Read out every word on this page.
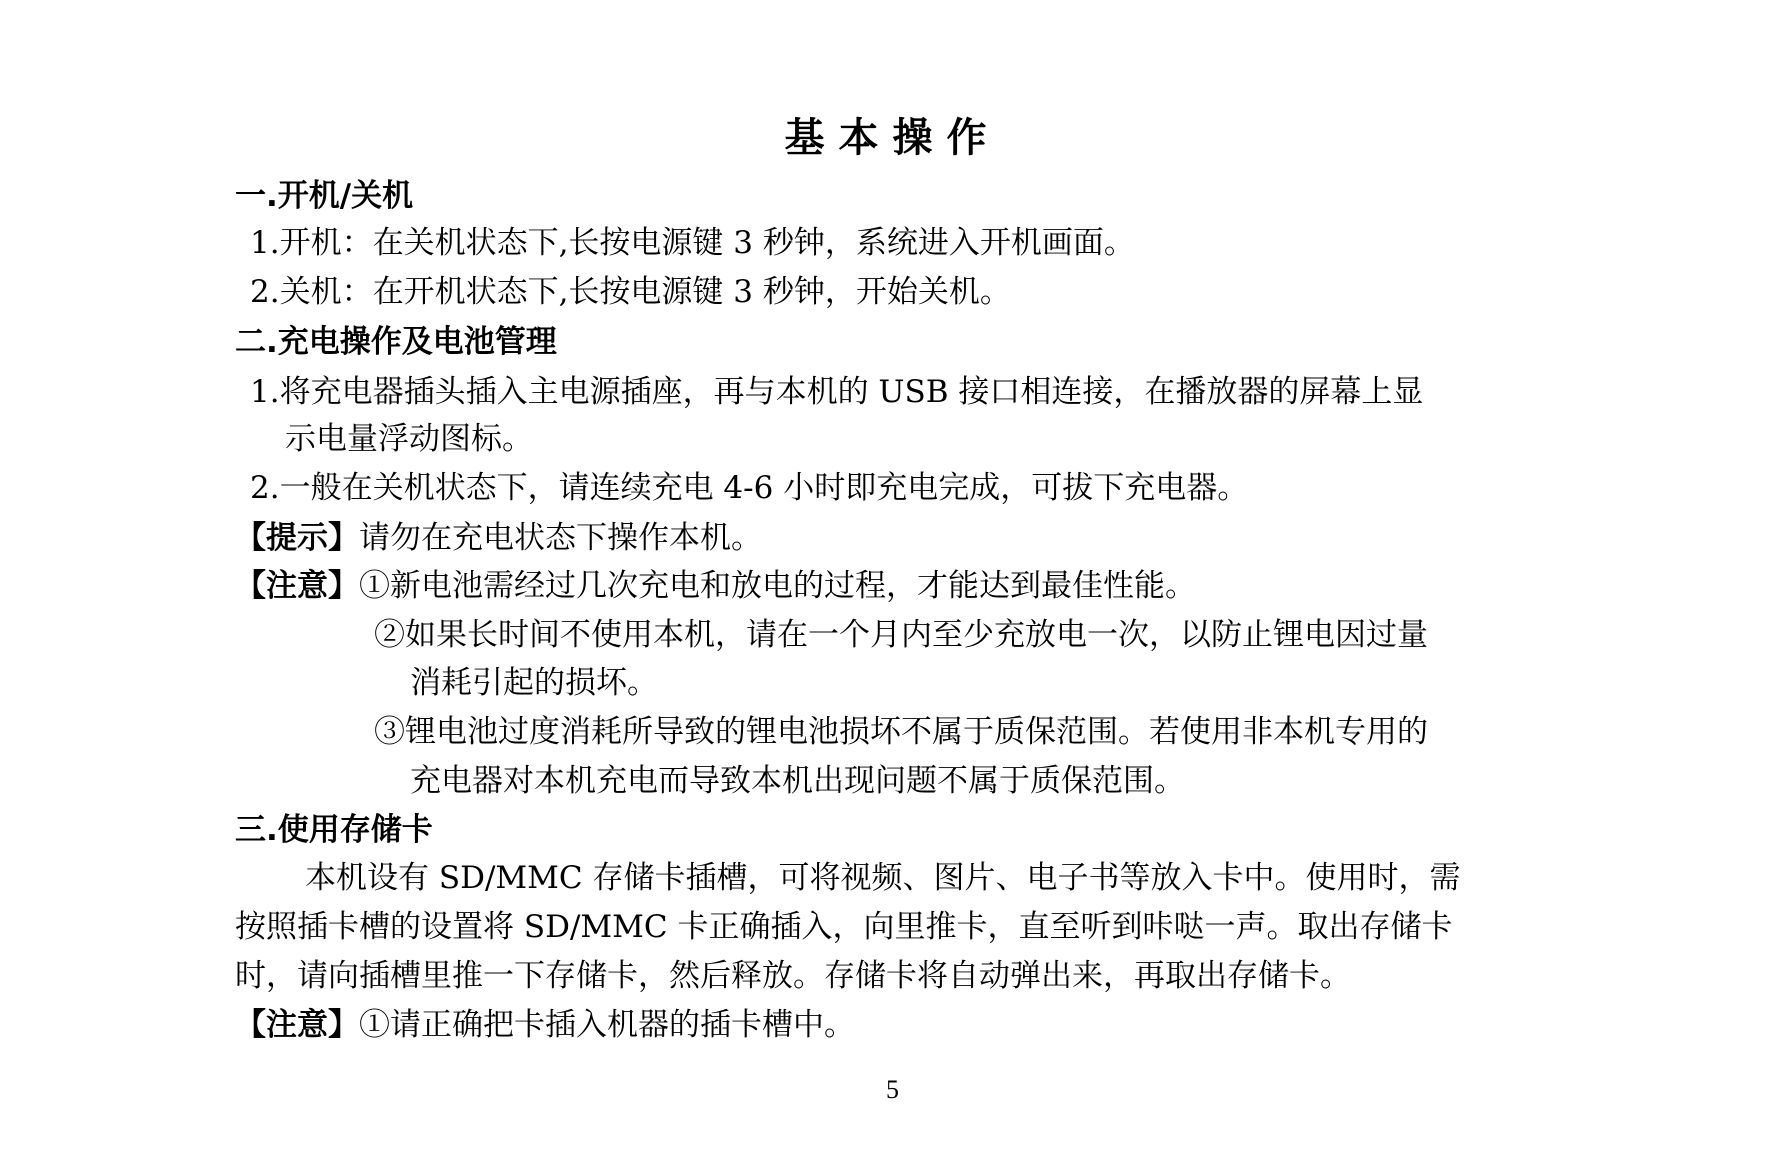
基本操作
一.开机/关机
1.开机：在关机状态下,长按电源键 3 秒钟，系统进入开机画面。
2.关机：在开机状态下,长按电源键 3 秒钟，开始关机。
二.充电操作及电池管理
1.将充电器插头插入主电源插座，再与本机的 USB 接口相连接，在播放器的屏幕上显
示电量浮动图标。
2.一般在关机状态下，请连续充电 4-6 小时即充电完成，可拔下充电器。
【提示】请勿在充电状态下操作本机。
【注意】①新电池需经过几次充电和放电的过程，才能达到最佳性能。
②如果长时间不使用本机，请在一个月内至少充放电一次，以防止锂电因过量
消耗引起的损坏。
③锂电池过度消耗所导致的锂电池损坏不属于质保范围。若使用非本机专用的
充电器对本机充电而导致本机出现问题不属于质保范围。
三.使用存储卡
本机设有 SD/MMC 存储卡插槽，可将视频、图片、电子书等放入卡中。使用时，需
按照插卡槽的设置将 SD/MMC 卡正确插入，向里推卡，直至听到咔哒一声。取出存储卡
时，请向插槽里推一下存储卡，然后释放。存储卡将自动弹出来，再取出存储卡。
【注意】①请正确把卡插入机器的插卡槽中。
5
